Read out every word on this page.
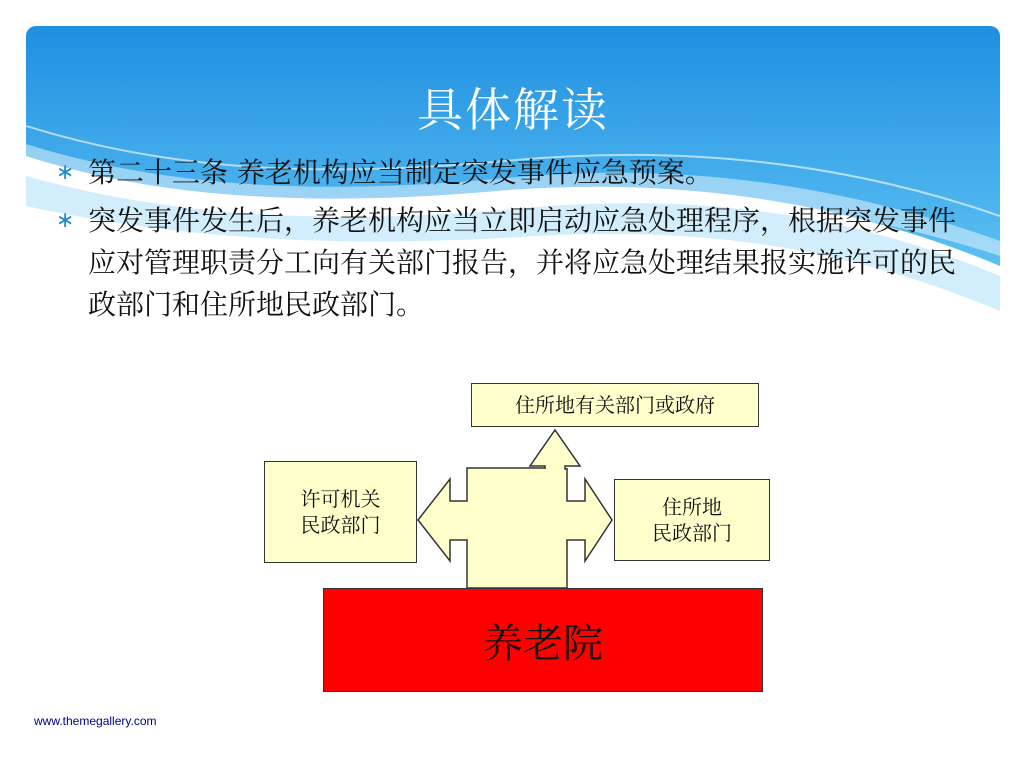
具体解读
∗ 第二十三条 养老机构应当制定突发事件应急预案。
∗ 突发事件发生后，养老机构应当立即启动应急处理程序，根据突发事件应对管理职责分工向有关部门报告，并将应急处理结果报实施许可的民政部门和住所地民政部门。
住所地有关部门或政府
许可机关
民政部门
住所地
民政部门
养老院
www.themegallery.com
